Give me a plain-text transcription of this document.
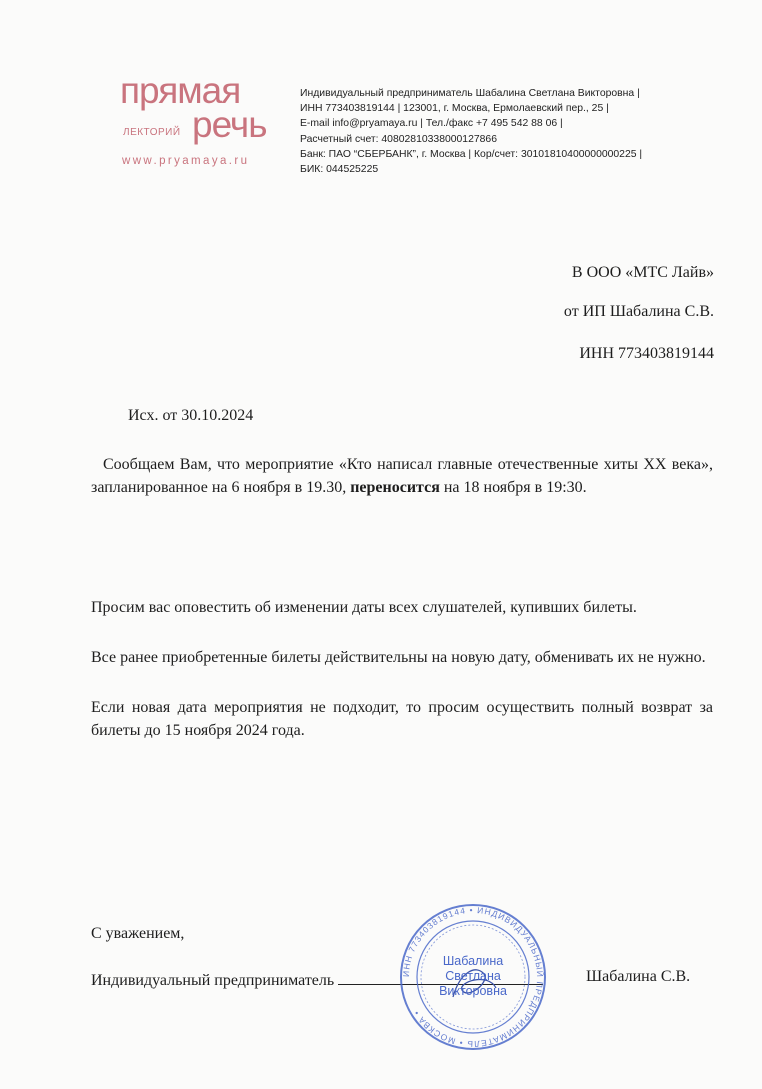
прямая
ЛЕКТОРИЙ речь
www.pryamaya.ru
Индивидуальный предприниматель Шабалина Светлана Викторовна |
ИНН 773403819144 | 123001, г. Москва, Ермолаевский пер., 25 |
E-mail info@pryamaya.ru | Тел./факс +7 495 542 88 06 |
Расчетный счет: 40802810338000127866
Банк: ПАО “СБЕРБАНК”, г. Москва | Кор/счет: 30101810400000000225 |
БИК: 044525225
В ООО «МТС Лайв»
от ИП Шабалина С.В.
ИНН 773403819144
Исх. от 30.10.2024
Сообщаем Вам, что мероприятие «Кто написал главные отечественные хиты ХХ века», запланированное на 6 ноября в 19.30, переносится на 18 ноября в 19:30.
Просим вас оповестить об изменении даты всех слушателей, купивших билеты.
Все ранее приобретенные билеты действительны на новую дату, обменивать их не нужно.
Если новая дата мероприятия не подходит, то просим осуществить полный возврат за билеты до 15 ноября 2024 года.
С уважением,
Индивидуальный предприниматель	Шабалина С.В.
ИНН 773403819144 • ИНДИВИДУАЛЬНЫЙ ПРЕДПРИНИМАТЕЛЬ • МОСКВА •
Шабалина
Светлана
Викторовна
